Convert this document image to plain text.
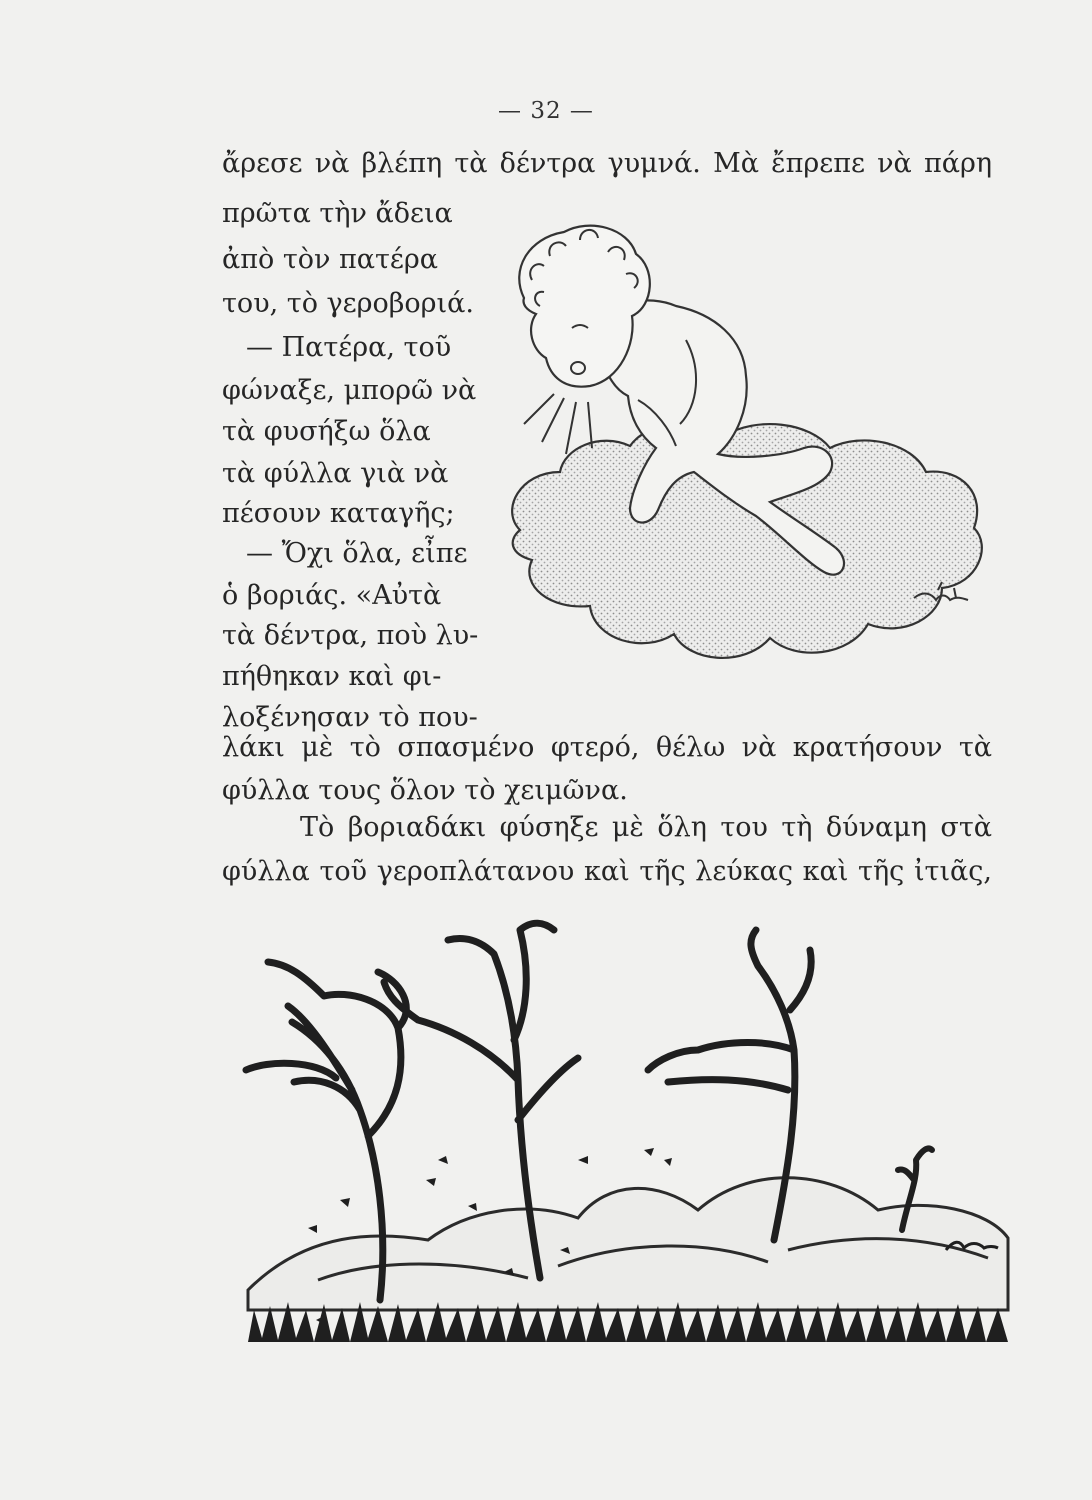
— 32 —
ἄρεσε νὰ βλέπη τὰ δέντρα γυμνά. Μὰ ἔπρεπε νὰ πάρη
πρῶτα τὴν ἄδεια
ἀπὸ τὸν πατέρα
του, τὸ γεροβοριά.
— Πατέρα, τοῦ
φώναξε, μπορῶ νὰ
τὰ φυσήξω ὅλα
τὰ φύλλα γιὰ νὰ
πέσουν καταγῆς;
— Ὄχι ὅλα, εἶπε
ὁ βοριάς. «Αὐτὰ
τὰ δέντρα, ποὺ λυ-
πήθηκαν καὶ φι-
λοξένησαν τὸ που-
λάκι μὲ τὸ σπασμένο φτερό, θέλω νὰ κρατήσουν τὰ
φύλλα τους ὅλον τὸ χειμῶνα.
Τὸ βοριαδάκι φύσηξε μὲ ὅλη του τὴ δύναμη στὰ
φύλλα τοῦ γεροπλάτανου καὶ τῆς λεύκας καὶ τῆς ἰτιᾶς,
